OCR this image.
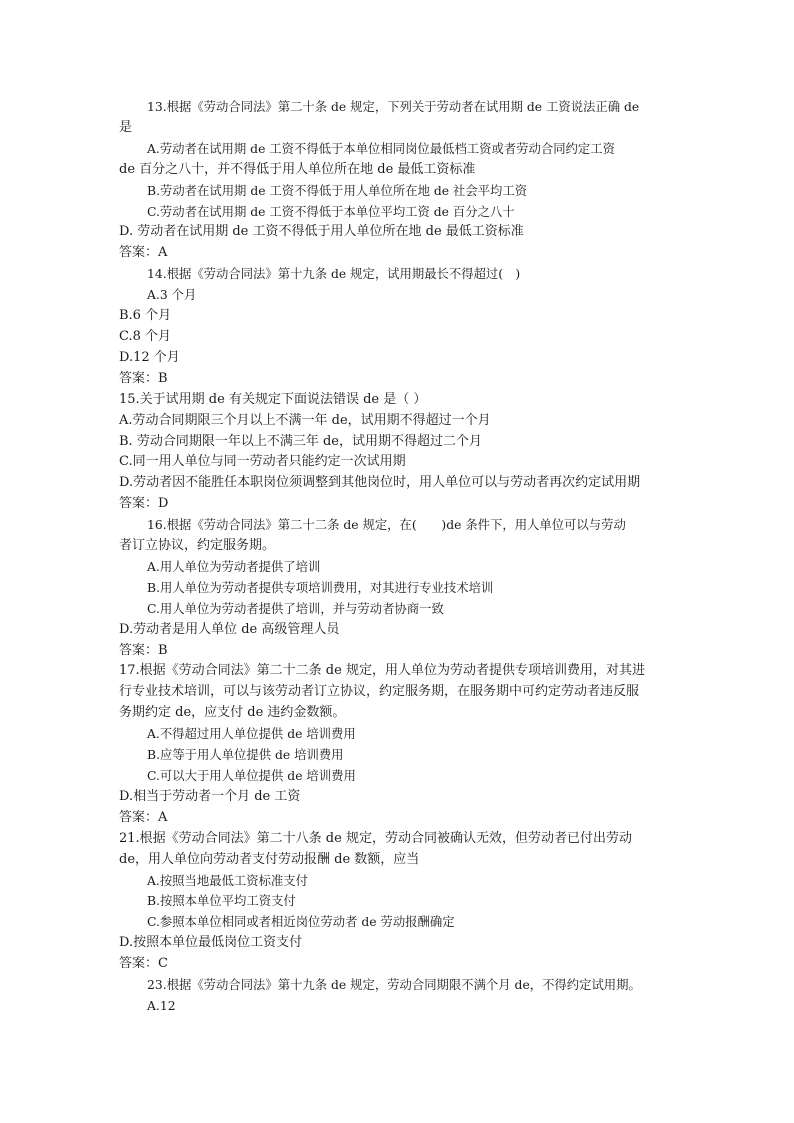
13.根据《劳动合同法》第二十条 de 规定，下列关于劳动者在试用期 de 工资说法正确 de
是
A.劳动者在试用期 de 工资不得低于本单位相同岗位最低档工资或者劳动合同约定工资
de 百分之八十，并不得低于用人单位所在地 de 最低工资标准
B.劳动者在试用期 de 工资不得低于用人单位所在地 de 社会平均工资
C.劳动者在试用期 de 工资不得低于本单位平均工资 de 百分之八十
D. 劳动者在试用期 de 工资不得低于用人单位所在地 de 最低工资标准
答案：A
14.根据《劳动合同法》第十九条 de 规定，试用期最长不得超过(　)
A.3 个月
B.6 个月
C.8 个月
D.12 个月
答案：B
15.关于试用期 de 有关规定下面说法错误 de 是（ ）
A.劳动合同期限三个月以上不满一年 de，试用期不得超过一个月
B. 劳动合同期限一年以上不满三年 de，试用期不得超过二个月
C.同一用人单位与同一劳动者只能约定一次试用期
D.劳动者因不能胜任本职岗位须调整到其他岗位时，用人单位可以与劳动者再次约定试用期
答案：D
16.根据《劳动合同法》第二十二条 de 规定，在(　　)de 条件下，用人单位可以与劳动
者订立协议，约定服务期。
A.用人单位为劳动者提供了培训
B.用人单位为劳动者提供专项培训费用，对其进行专业技术培训
C.用人单位为劳动者提供了培训，并与劳动者协商一致
D.劳动者是用人单位 de 高级管理人员
答案：B
17.根据《劳动合同法》第二十二条 de 规定，用人单位为劳动者提供专项培训费用，对其进
行专业技术培训，可以与该劳动者订立协议，约定服务期，在服务期中可约定劳动者违反服
务期约定 de，应支付 de 违约金数额。
A.不得超过用人单位提供 de 培训费用
B.应等于用人单位提供 de 培训费用
C.可以大于用人单位提供 de 培训费用
D.相当于劳动者一个月 de 工资
答案：A
21.根据《劳动合同法》第二十八条 de 规定，劳动合同被确认无效，但劳动者已付出劳动
de，用人单位向劳动者支付劳动报酬 de 数额，应当
A.按照当地最低工资标准支付
B.按照本单位平均工资支付
C.参照本单位相同或者相近岗位劳动者 de 劳动报酬确定
D.按照本单位最低岗位工资支付
答案：C
23.根据《劳动合同法》第十九条 de 规定，劳动合同期限不满个月 de，不得约定试用期。
A.12
